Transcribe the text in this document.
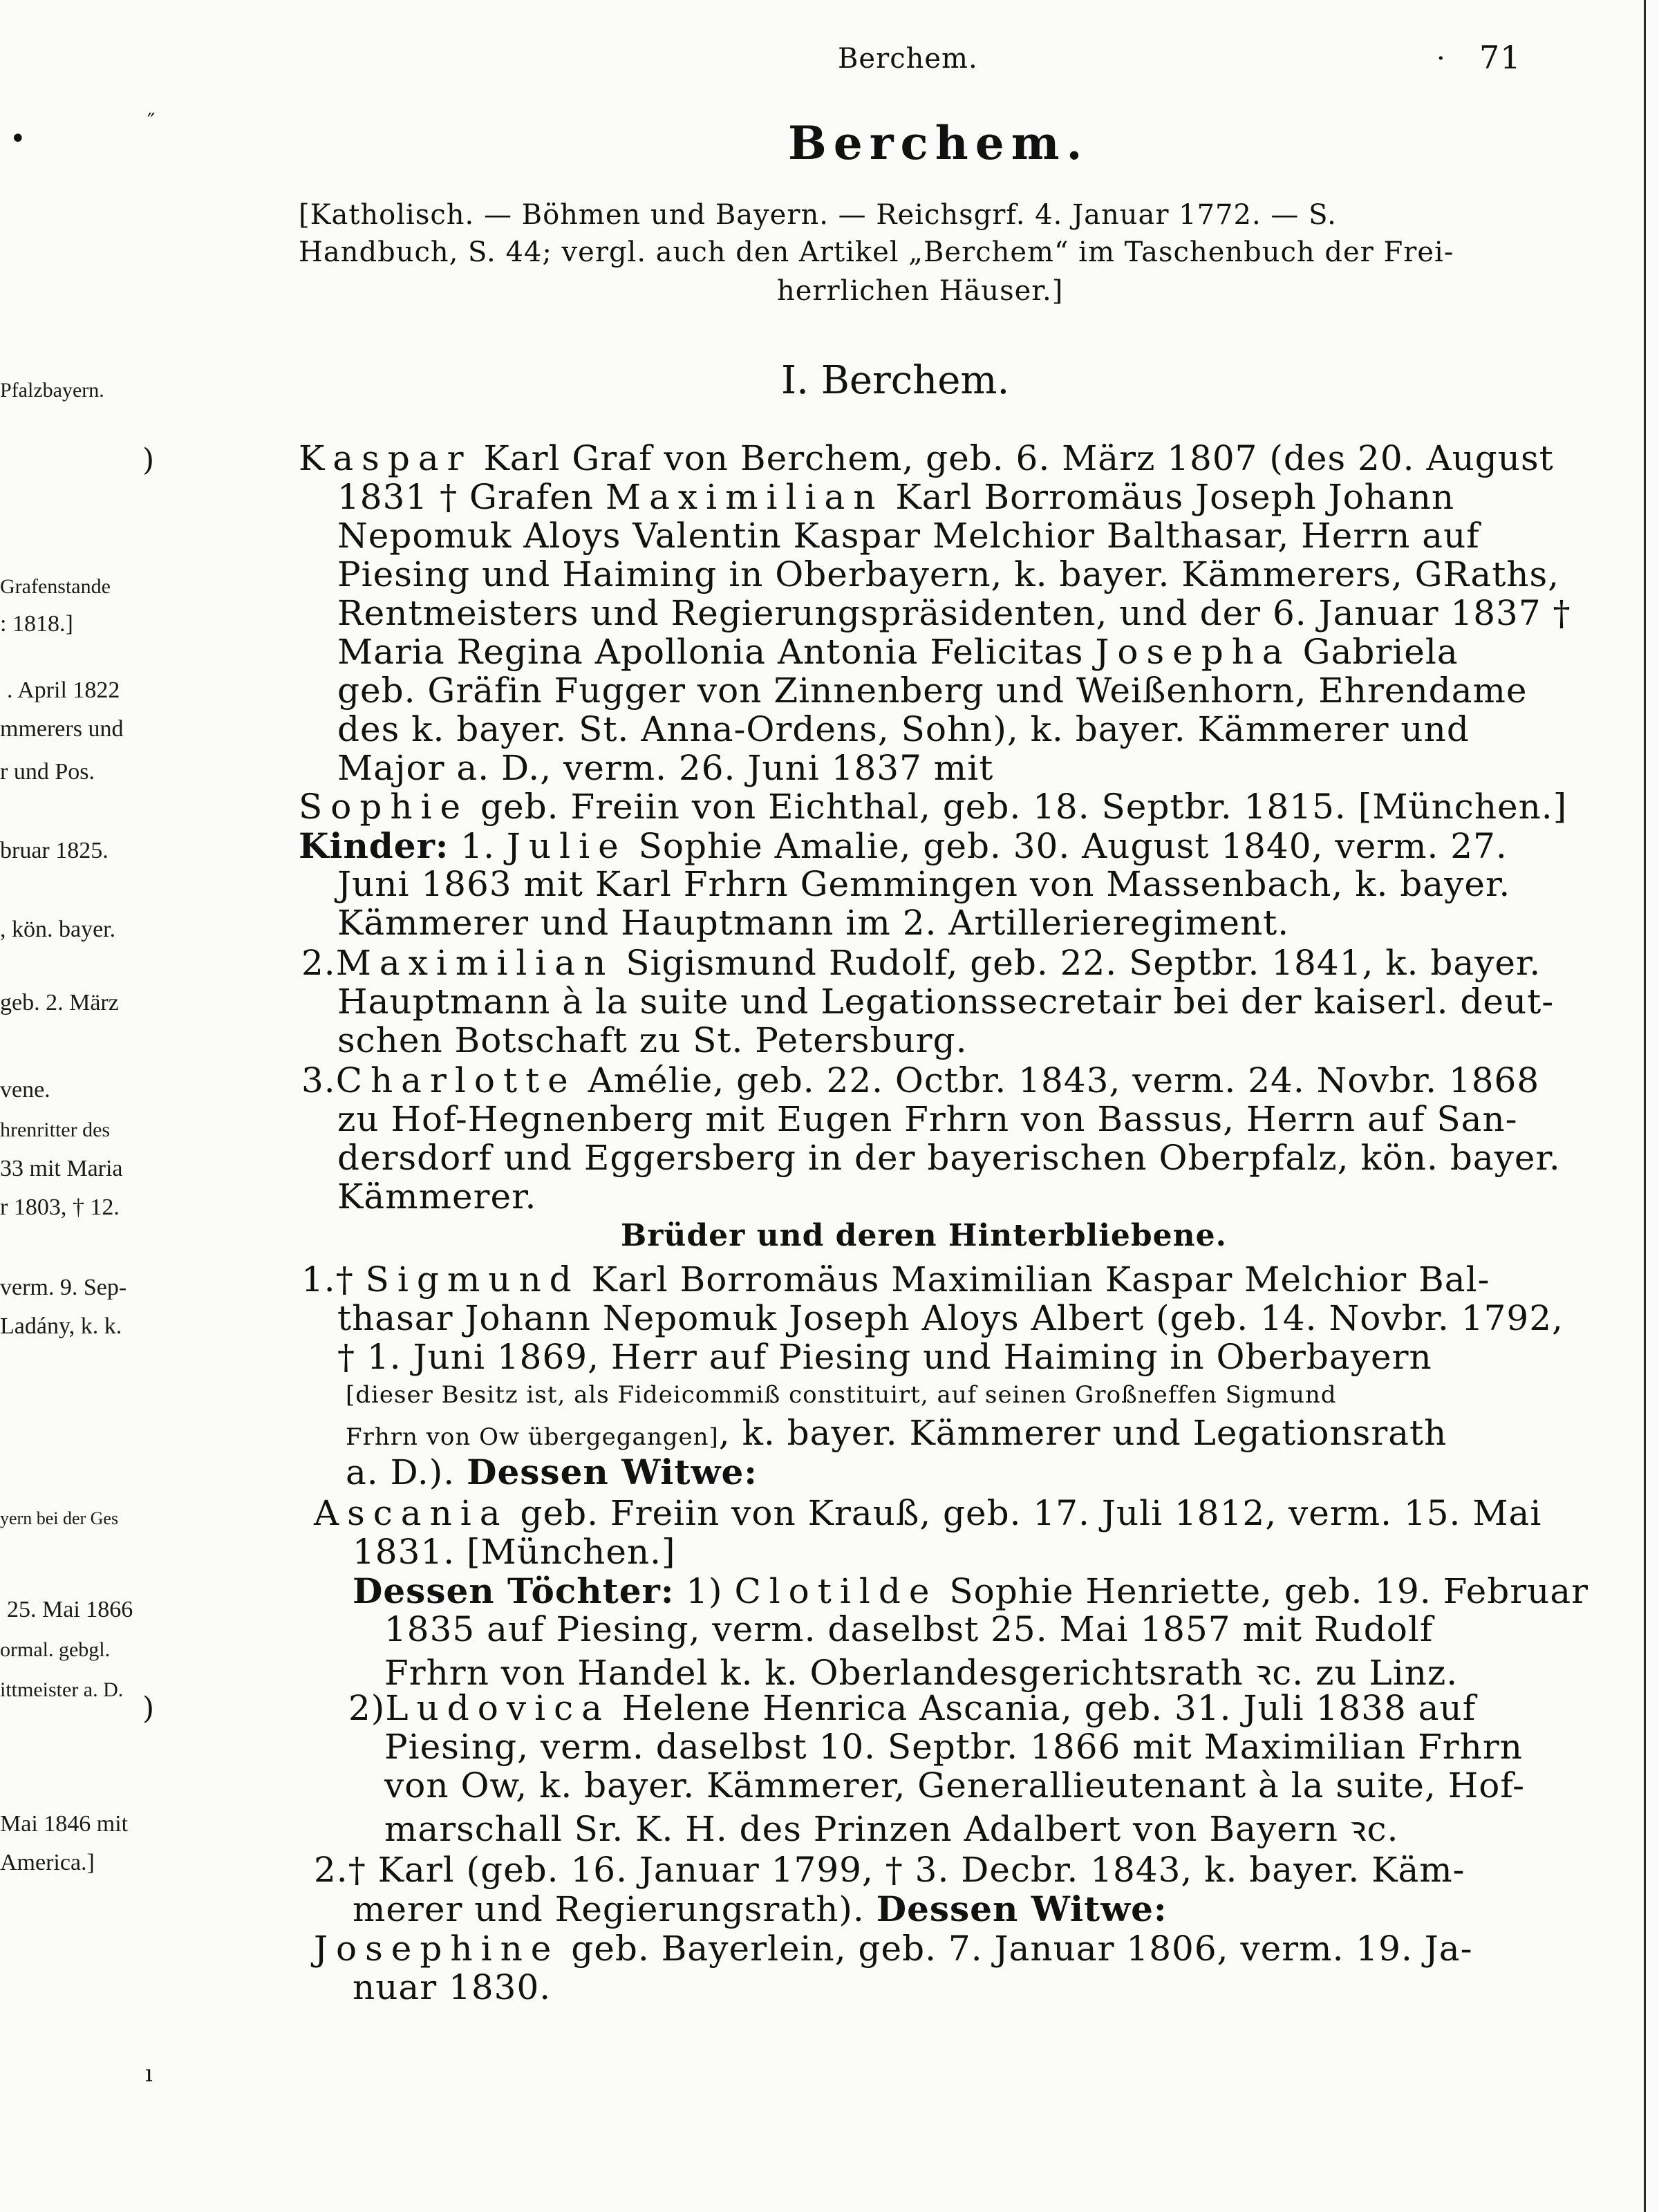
•
˝
Pfalzbayern.
)
Grafenstande
: 1818.]
. April 1822
mmerers und
r und Pos.
bruar 1825.
, kön. bayer.
geb. 2. März
vene.
hrenritter des
33 mit Maria
r 1803, † 12.
verm. 9. Sep-
Ladány, k. k.
yern bei der Ges
25. Mai 1866
ormal. gebgl.
ittmeister a. D.
)
Mai 1846 mit
America.]
ı
Berchem.	· 71
Berchem.
[Katholisch. — Böhmen und Bayern. — Reichsgrf. 4. Januar 1772. — S.
Handbuch, S. 44; vergl. auch den Artikel „Berchem“ im Taschenbuch der Frei-
herrlichen Häuser.]
I. Berchem.
Kaspar Karl Graf von Berchem, geb. 6. März 1807 (des 20. August
1831 † Grafen Maximilian Karl Borromäus Joseph Johann
Nepomuk Aloys Valentin Kaspar Melchior Balthasar, Herrn auf
Piesing und Haiming in Oberbayern, k. bayer. Kämmerers, GRaths,
Rentmeisters und Regierungspräsidenten, und der 6. Januar 1837 †
Maria Regina Apollonia Antonia Felicitas Josepha Gabriela
geb. Gräfin Fugger von Zinnenberg und Weißenhorn, Ehrendame
des k. bayer. St. Anna-Ordens, Sohn), k. bayer. Kämmerer und
Major a. D., verm. 26. Juni 1837 mit
Sophie geb. Freiin von Eichthal, geb. 18. Septbr. 1815. [München.]
Kinder: 1. Julie Sophie Amalie, geb. 30. August 1840, verm. 27.
Juni 1863 mit Karl Frhrn Gemmingen von Massenbach, k. bayer.
Kämmerer und Hauptmann im 2. Artillerieregiment.
2.Maximilian Sigismund Rudolf, geb. 22. Septbr. 1841, k. bayer.
Hauptmann à la suite und Legationssecretair bei der kaiserl. deut-
schen Botschaft zu St. Petersburg.
3.Charlotte Amélie, geb. 22. Octbr. 1843, verm. 24. Novbr. 1868
zu Hof-Hegnenberg mit Eugen Frhrn von Bassus, Herrn auf San-
dersdorf und Eggersberg in der bayerischen Oberpfalz, kön. bayer.
Kämmerer.
Brüder und deren Hinterbliebene.
1.† Sigmund Karl Borromäus Maximilian Kaspar Melchior Bal-
thasar Johann Nepomuk Joseph Aloys Albert (geb. 14. Novbr. 1792,
† 1. Juni 1869, Herr auf Piesing und Haiming in Oberbayern
[dieser Besitz ist, als Fideicommiß constituirt, auf seinen Großneffen Sigmund
Frhrn von Ow übergegangen], k. bayer. Kämmerer und Legationsrath
a. D.). Dessen Witwe:
Ascania geb. Freiin von Krauß, geb. 17. Juli 1812, verm. 15. Mai
1831. [München.]
Dessen Töchter: 1) Clotilde Sophie Henriette, geb. 19. Februar
1835 auf Piesing, verm. daselbst 25. Mai 1857 mit Rudolf
Frhrn von Handel k. k. Oberlandesgerichtsrath ꝛc. zu Linz.
2)Ludovica Helene Henrica Ascania, geb. 31. Juli 1838 auf
Piesing, verm. daselbst 10. Septbr. 1866 mit Maximilian Frhrn
von Ow, k. bayer. Kämmerer, Generallieutenant à la suite, Hof-
marschall Sr. K. H. des Prinzen Adalbert von Bayern ꝛc.
2.† Karl (geb. 16. Januar 1799, † 3. Decbr. 1843, k. bayer. Käm-
merer und Regierungsrath). Dessen Witwe:
Josephine geb. Bayerlein, geb. 7. Januar 1806, verm. 19. Ja-
nuar 1830.
